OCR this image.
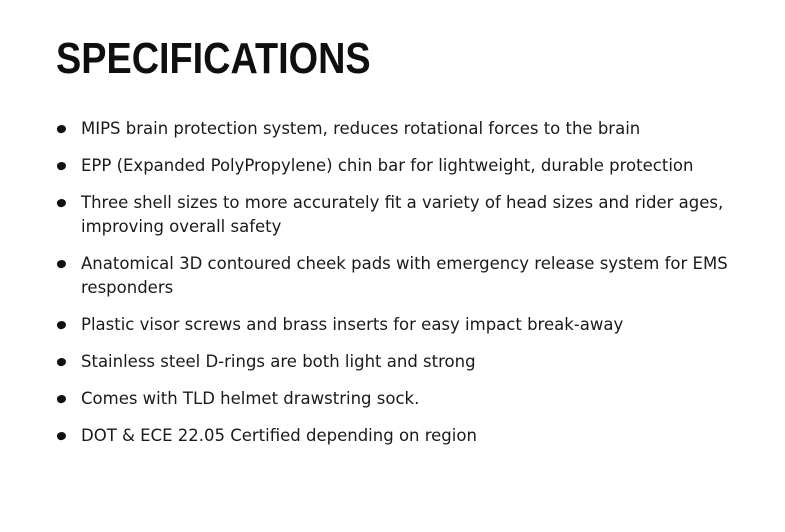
SPECIFICATIONS
MIPS brain protection system, reduces rotational forces to the brain
EPP (Expanded PolyPropylene) chin bar for lightweight, durable protection
Three shell sizes to more accurately fit a variety of head sizes and rider ages, improving overall safety
Anatomical 3D contoured cheek pads with emergency release system for EMS responders
Plastic visor screws and brass inserts for easy impact break-away
Stainless steel D-rings are both light and strong
Comes with TLD helmet drawstring sock.
DOT & ECE 22.05 Certified depending on region
